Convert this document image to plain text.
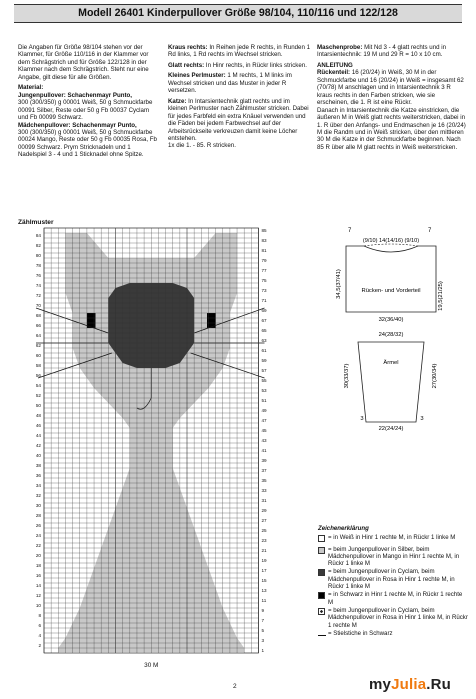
Modell 26401 Kinderpullover Größe 98/104, 110/116 und 122/128

Die Angaben für Größe 98/104 stehen vor der Klammer, für Größe 110/116 in der Klammer vor dem Schrägstrich und für Größe 122/128 in der Klammer nach dem Schrägstrich. Steht nur eine Angabe, gilt diese für alle Größen.

Material:

Jungenpullover: Schachenmayr Punto,

300 (300/350) g 00001 Weiß, 50 g Schmuckfarbe 00091 Silber, Reste oder 50 g Fb 00037 Cyclam und Fb 00099 Schwarz.

Mädchenpullover: Schachenmayr Punto,

300 (300/350) g 00001 Weiß, 50 g Schmuckfarbe 00024 Mango, Reste oder 50 g Fb 00035 Rosa, Fb 00099 Schwarz. Prym Stricknadeln und 1 Nadelspiel 3 - 4 und 1 Sticknadel ohne Spitze.

Kraus rechts: In Reihen jede R rechts, in Runden 1 Rd links, 1 Rd rechts im Wechsel stricken.

Glatt rechts: In Hinr rechts, in Rückr links stricken.

Kleines Perlmuster: 1 M rechts, 1 M links im Wechsel stricken und das Muster in jeder R versetzen.

Katze: In Intarsientechnik glatt rechts und im kleinen Perlmuster nach Zählmuster stricken. Dabei für jedes Farbfeld ein extra Knäuel verwenden und die Fäden bei jedem Farbwechsel auf der Arbeitsrückseite verkreuzen damit keine Löcher entstehen.

1x die 1. - 85. R stricken.

Maschenprobe: Mit Nd 3 - 4 glatt rechts und in Intarsientechnik: 19 M und 29 R = 10 x 10 cm.

ANLEITUNG

Rückenteil: 16 (20/24) in Weiß, 30 M in der Schmuckfarbe und 16 (20/24) in Weiß = insgesamt 62 (70/78) M anschlagen und in Intarsientechnik 3 R kraus rechts in den Farben stricken, wie sie erscheinen, die 1. R ist eine Rückr.

Danach in Intarsientechnik die Katze einstricken, die äußeren M in Weiß glatt rechts weiterstricken, dabei in 1. R über den Anfangs- und Endmaschen je 16 (20/24) M die Randm und in Weiß stricken, über den mittleren 30 M die Katze in der Schmuckfarbe beginnen. Nach 85 R über alle M glatt rechts in Weiß weiterstricken.

Zählmuster
84
82
80
78
76
74
72
70
68
66
64
62
60
58
56
54
52
50
48
46
44
42
40
38
36
34
32
30
28
26
24
22
20
18
16
14
12
10
8
6
4
2
85
83
81
79
77
75
73
71
69
67
65
63
61
59
57
55
53
51
49
47
45
43
41
39
37
35
33
31
29
27
25
23
21
19
17
15
13
11
9
7
5
3
1
30 M
Rücken- und Vorderteil
7	7
(9/10) 14(14/16) (9/10)
34,5(37/41)	19,5(21/25)
32(36/40)
24(28/32)
Ärmel
30(33/37)	27(30/34)
22(24/24)
3	3
Zeichenerklärung
= in Weiß in Hinr 1 rechte M, in Rückr 1 linke M
= beim Jungenpullover in Silber, beim Mädchenpullover in Mango in Hinr 1 rechte M, in Rückr 1 linke M
= beim Jungenpullover in Cyclam, beim Mädchenpullover in Rosa in Hinr 1 rechte M, in Rückr 1 linke M
= in Schwarz in Hinr 1 rechte M, in Rückr 1 rechte M
= beim Jungenpullover in Cyclam, beim Mädchenpullover in Rosa in Hinr 1 linke M, in Rückr 1 rechte M
= Stielstiche in Schwarz
2	myJulia.Ru
